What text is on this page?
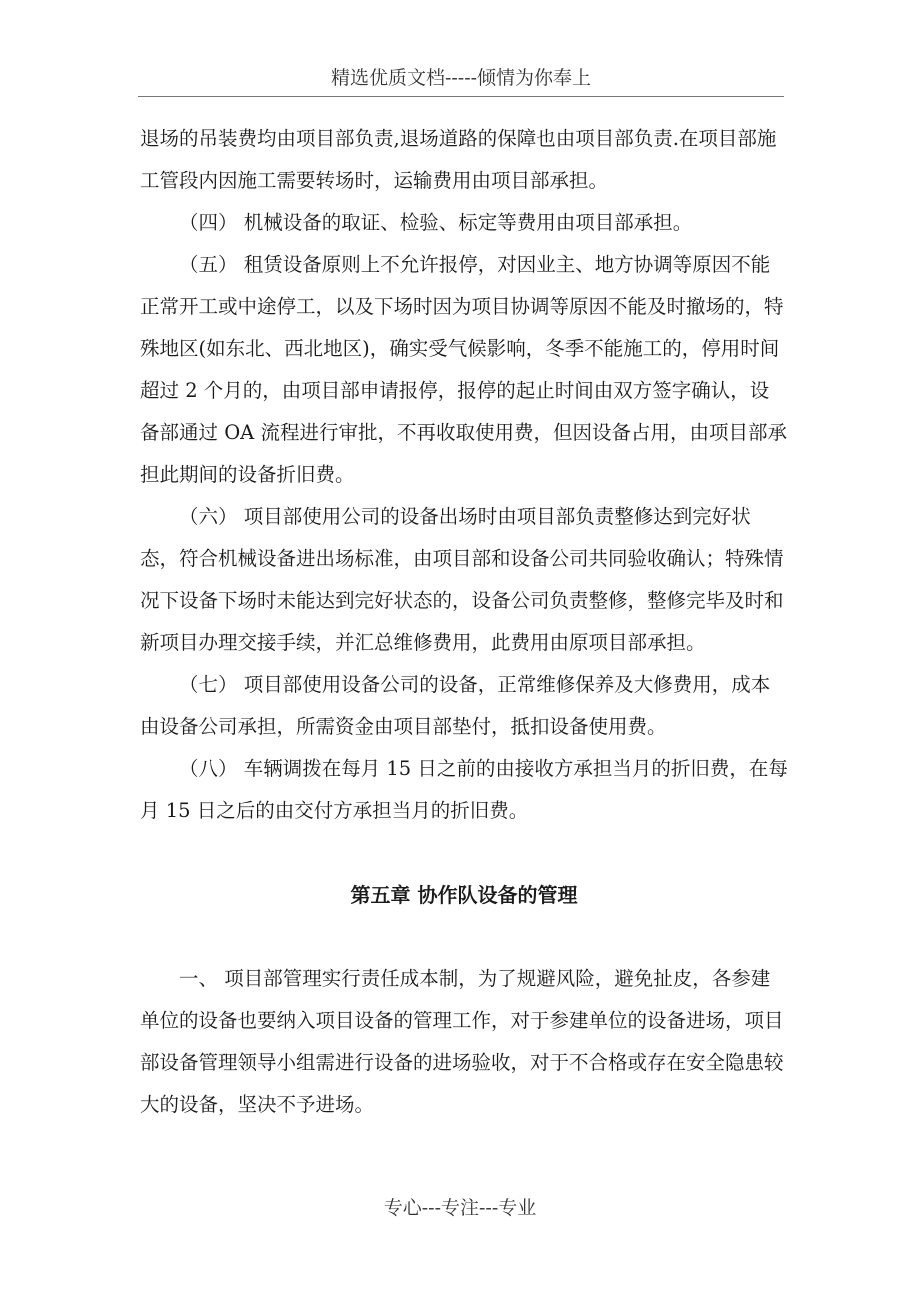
精选优质文档-----倾情为你奉上

退场的吊装费均由项目部负责,退场道路的保障也由项目部负责.在项目部施工管段内因施工需要转场时，运输费用由项目部承担。

（四） 机械设备的取证、检验、标定等费用由项目部承担。

（五） 租赁设备原则上不允许报停，对因业主、地方协调等原因不能正常开工或中途停工，以及下场时因为项目协调等原因不能及时撤场的，特殊地区(如东北、西北地区)，确实受气候影响，冬季不能施工的，停用时间超过 2 个月的，由项目部申请报停，报停的起止时间由双方签字确认，设备部通过 OA 流程进行审批，不再收取使用费，但因设备占用，由项目部承担此期间的设备折旧费。

（六） 项目部使用公司的设备出场时由项目部负责整修达到完好状态，符合机械设备进出场标准，由项目部和设备公司共同验收确认；特殊情况下设备下场时未能达到完好状态的，设备公司负责整修，整修完毕及时和新项目办理交接手续，并汇总维修费用，此费用由原项目部承担。

（七） 项目部使用设备公司的设备，正常维修保养及大修费用，成本由设备公司承担，所需资金由项目部垫付，抵扣设备使用费。

（八） 车辆调拨在每月 15 日之前的由接收方承担当月的折旧费，在每月 15 日之后的由交付方承担当月的折旧费。

第五章 协作队设备的管理

一、 项目部管理实行责任成本制，为了规避风险，避免扯皮，各参建单位的设备也要纳入项目设备的管理工作，对于参建单位的设备进场，项目部设备管理领导小组需进行设备的进场验收，对于不合格或存在安全隐患较大的设备，坚决不予进场。

专心---专注---专业
